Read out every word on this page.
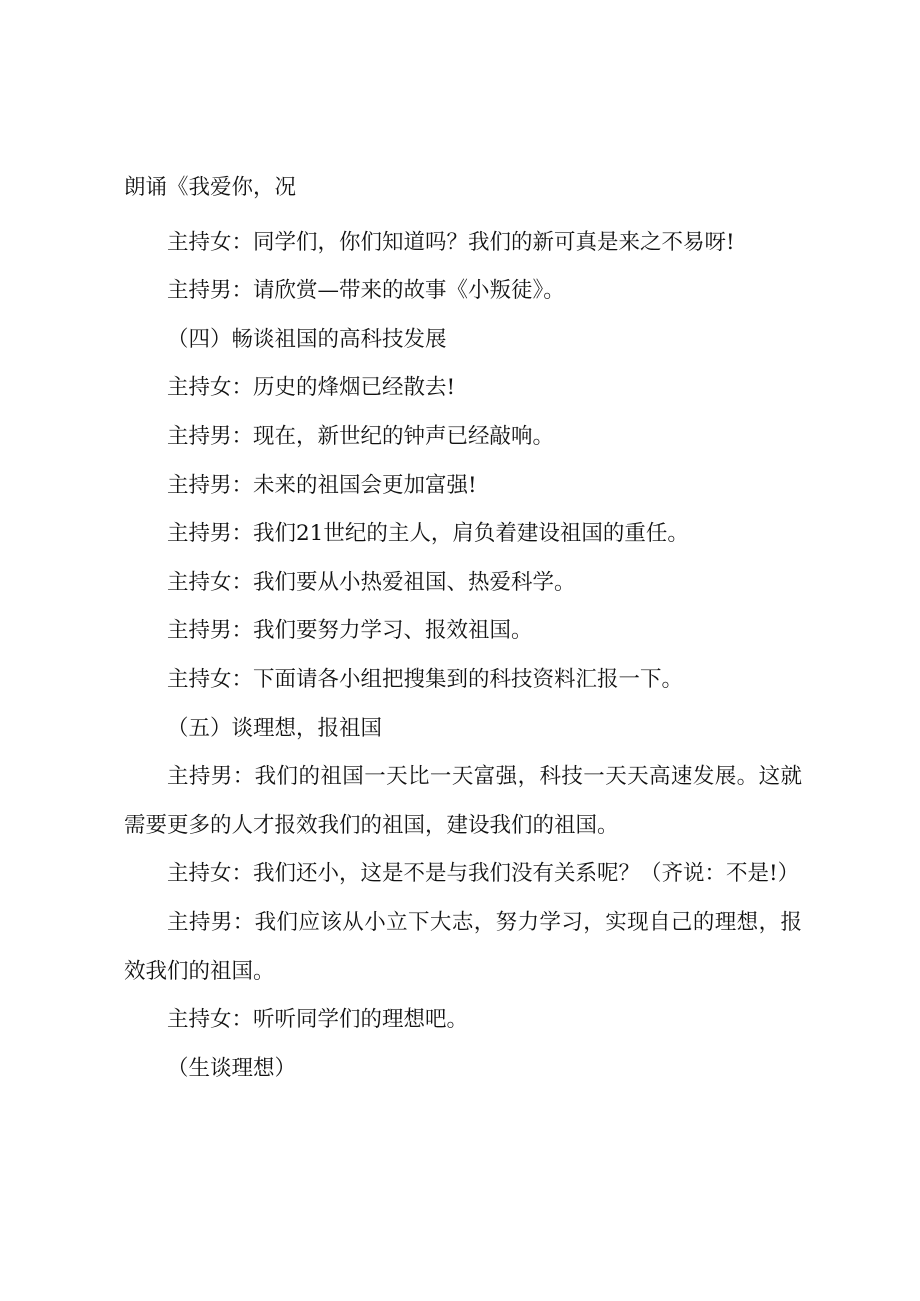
朗诵《我爱你，况

主持女：同学们，你们知道吗？我们的新可真是来之不易呀!

主持男：请欣赏—带来的故事《小叛徒》。

（四）畅谈祖国的高科技发展

主持女：历史的烽烟已经散去!

主持男：现在，新世纪的钟声已经敲响。

主持男：未来的祖国会更加富强!

主持男：我们21世纪的主人，肩负着建设祖国的重任。

主持女：我们要从小热爱祖国、热爱科学。

主持男：我们要努力学习、报效祖国。

主持女：下面请各小组把搜集到的科技资料汇报一下。

（五）谈理想，报祖国

主持男：我们的祖国一天比一天富强，科技一天天高速发展。这就需要更多的人才报效我们的祖国，建设我们的祖国。

主持女：我们还小，这是不是与我们没有关系呢？（齐说：不是!）

主持男：我们应该从小立下大志，努力学习，实现自己的理想，报效我们的祖国。

主持女：听听同学们的理想吧。

（生谈理想）
